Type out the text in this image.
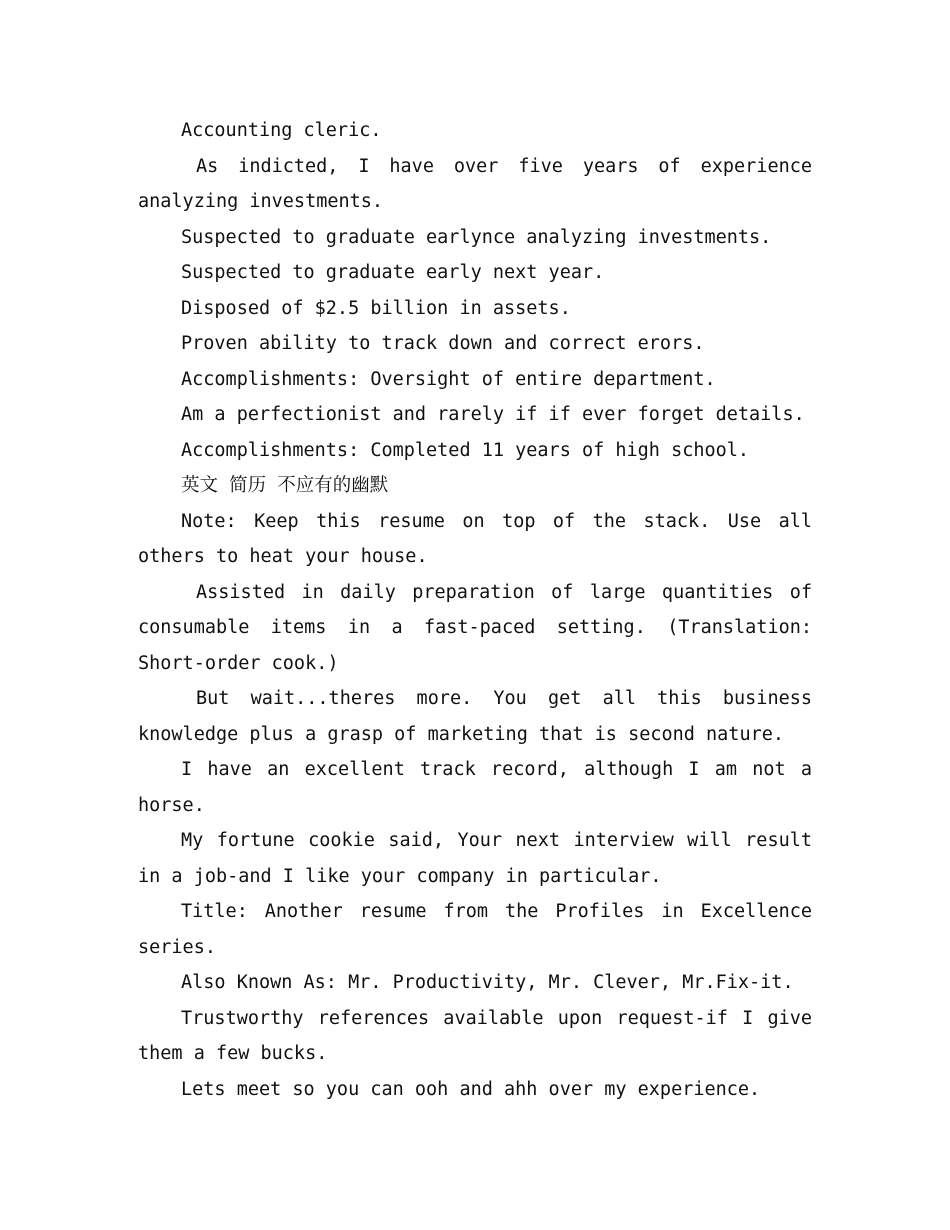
Accounting cleric.

As indicted, I have over five years of experience analyzing investments.

Suspected to graduate earlynce analyzing investments.

Suspected to graduate early next year.

Disposed of $2.5 billion in assets.

Proven ability to track down and correct erors.

Accomplishments: Oversight of entire department.

Am a perfectionist and rarely if if ever forget details.

Accomplishments: Completed 11 years of high school.

英文 简历 不应有的幽默

Note: Keep this resume on top of the stack. Use all others to heat your house.

Assisted in daily preparation of large quantities of consumable items in a fast-paced setting. (Translation: Short-order cook.)

But wait...theres more. You get all this business knowledge plus a grasp of marketing that is second nature.

I have an excellent track record, although I am not a horse.

My fortune cookie said, Your next interview will result in a job-and I like your company in particular.

Title: Another resume from the Profiles in Excellence series.

Also Known As: Mr. Productivity, Mr. Clever, Mr.Fix-it.

Trustworthy references available upon request-if I give them a few bucks.

Lets meet so you can ooh and ahh over my experience.
